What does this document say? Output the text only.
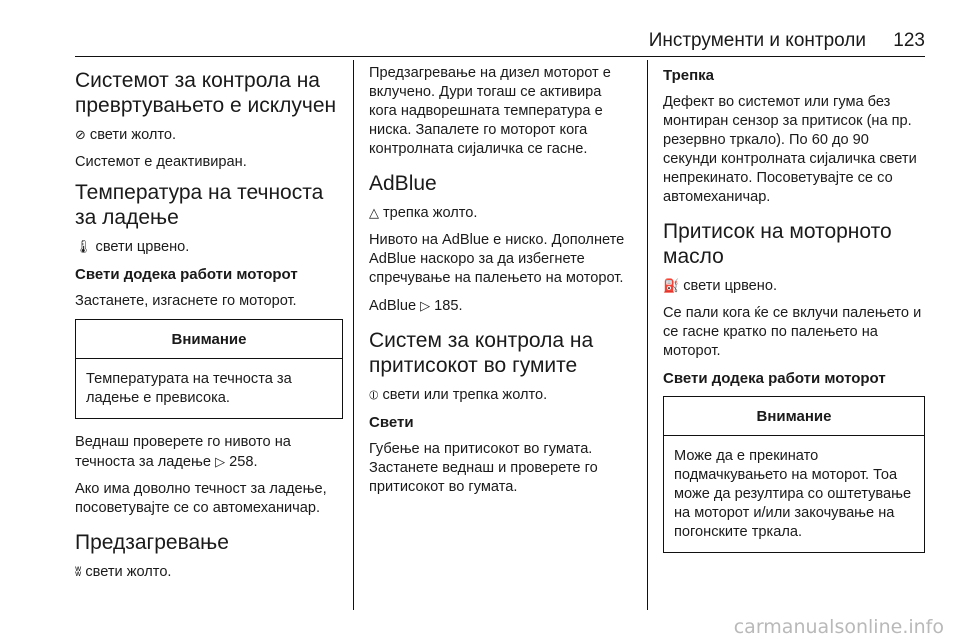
Инструменти и контроли 123
Системот за контрола на превртувањето е исклучен

⊘ свети жолто.

Системот е деактивиран.

Температура на течноста за ладење

🌡 свети црвено.

Свети додека работи моторот

Застанете, изгаснете го моторот.

Внимание
Температурата на течноста за ладење е превисока.

Веднаш проверете го нивото на течноста за ладење ▷ 258.

Ако има доволно течност за ладење, посоветувајте се со автомеханичар.

Предзагревање

ʬ свети жолто.

Предзагревање на дизел моторот е вклучено. Дури тогаш се активира кога надворешната температура е ниска. Запалете го моторот кога контролната сијаличка се гасне.

AdBlue

△ трепка жолто.

Нивото на AdBlue е ниско. Дополнете AdBlue наскоро за да избегнете спречување на палењето на моторот.

AdBlue ▷ 185.

Систем за контрола на притисокот во гумите

⦶ свети или трепка жолто.

Свети

Губење на притисокот во гумата. Застанете веднаш и проверете го притисокот во гумата.

Трепка

Дефект во системот или гума без монтиран сензор за притисок (на пр. резервно тркало). По 60 до 90 секунди контролната сијаличка свети непрекинато. Посоветувајте се со автомеханичар.

Притисок на моторното масло

⛽ свети црвено.

Се пали кога ќе се вклучи палењето и се гасне кратко по палењето на моторот.

Свети додека работи моторот
Внимание
Може да е прекинато подмачкувањето на моторот. Тоа може да резултира со оштетување на моторот и/или закочување на погонските тркала.
carmanualsonline.info
